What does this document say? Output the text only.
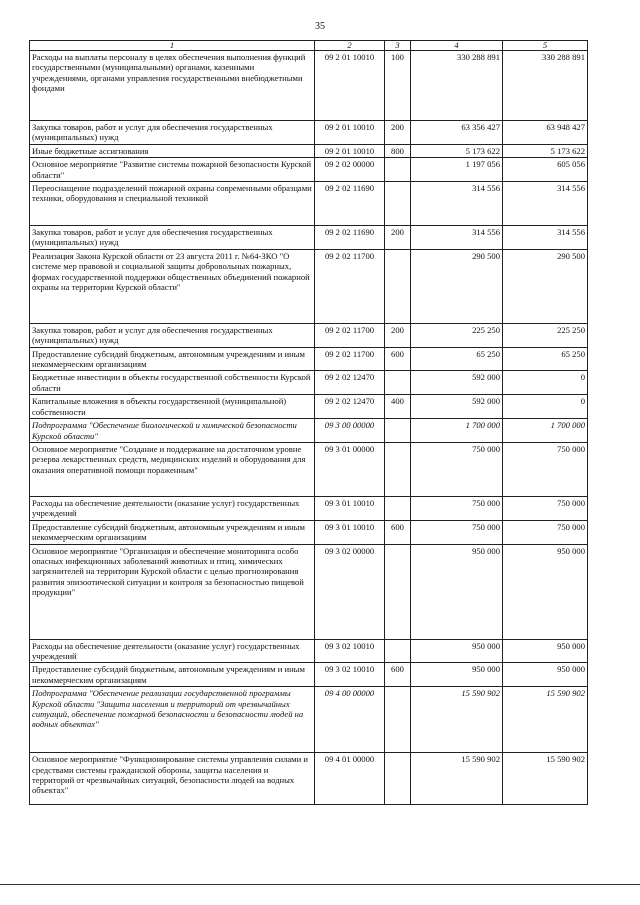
35
1	2	3	4	5
Расходы на выплаты персоналу в целях обеспечения выполнения функций государственными (муниципальными) органами, казенными учреждениями, органами управления государственными внебюджетными фондами	09 2 01 10010	100	330 288 891	330 288 891
Закупка товаров, работ и услуг для обеспечения государственных (муниципальных) нужд	09 2 01 10010	200	63 356 427	63 948 427
Иные бюджетные ассигнования	09 2 01 10010	800	5 173 622	5 173 622
Основное мероприятие "Развитие системы пожарной безопасности Курской области"	09 2 02 00000		1 197 056	605 056
Переоснащение подразделений пожарной охраны современными образцами техники, оборудования и специальной техникой	09 2 02 11690		314 556	314 556
Закупка товаров, работ и услуг для обеспечения государственных (муниципальных) нужд	09 2 02 11690	200	314 556	314 556
Реализация Закона Курской области от 23 августа 2011 г. №64-ЗКО "О системе мер правовой и социальной защиты добровольных пожарных, формах государственной поддержки общественных объединений пожарной охраны на территории Курской области"	09 2 02 11700		290 500	290 500
Закупка товаров, работ и услуг для обеспечения государственных (муниципальных) нужд	09 2 02 11700	200	225 250	225 250
Предоставление субсидий бюджетным, автономным учреждениям и иным некоммерческим организациям	09 2 02 11700	600	65 250	65 250
Бюджетные инвестиции в объекты государственной собственности Курской области	09 2 02 12470		592 000	0
Капитальные вложения в объекты государственной (муниципальной) собственности	09 2 02 12470	400	592 000	0
Подпрограмма "Обеспечение биологической и химической безопасности Курской области"	09 3 00 00000		1 700 000	1 700 000
Основное мероприятие "Создание и поддержание на достаточном уровне резерва лекарственных средств, медицинских изделий и оборудования для оказания оперативной помощи пораженным"	09 3 01 00000		750 000	750 000
Расходы на обеспечение деятельности (оказание услуг) государственных учреждений	09 3 01 10010		750 000	750 000
Предоставление субсидий бюджетным, автономным учреждениям и иным некоммерческим организациям	09 3 01 10010	600	750 000	750 000
Основное мероприятие "Организация и обеспечение мониторинга особо опасных инфекционных заболеваний животных и птиц, химических загрязнителей на территории Курской области с целью прогнозирования развития эпизоотической ситуации и контроля за безопасностью пищевой продукции"	09 3 02 00000		950 000	950 000
Расходы на обеспечение деятельности (оказание услуг) государственных учреждений	09 3 02 10010		950 000	950 000
Предоставление субсидий бюджетным, автономным учреждениям и иным некоммерческим организациям	09 3 02 10010	600	950 000	950 000
Подпрограмма "Обеспечение реализации государственной программы Курской области "Защита населения и территорий от чрезвычайных ситуаций, обеспечение пожарной безопасности и безопасности людей на водных объектах"	09 4 00 00000		15 590 902	15 590 902
Основное мероприятие "Функционирование системы управления силами и средствами системы гражданской обороны, защиты населения и территорий от чрезвычайных ситуаций, безопасности людей на водных объектах"	09 4 01 00000		15 590 902	15 590 902
